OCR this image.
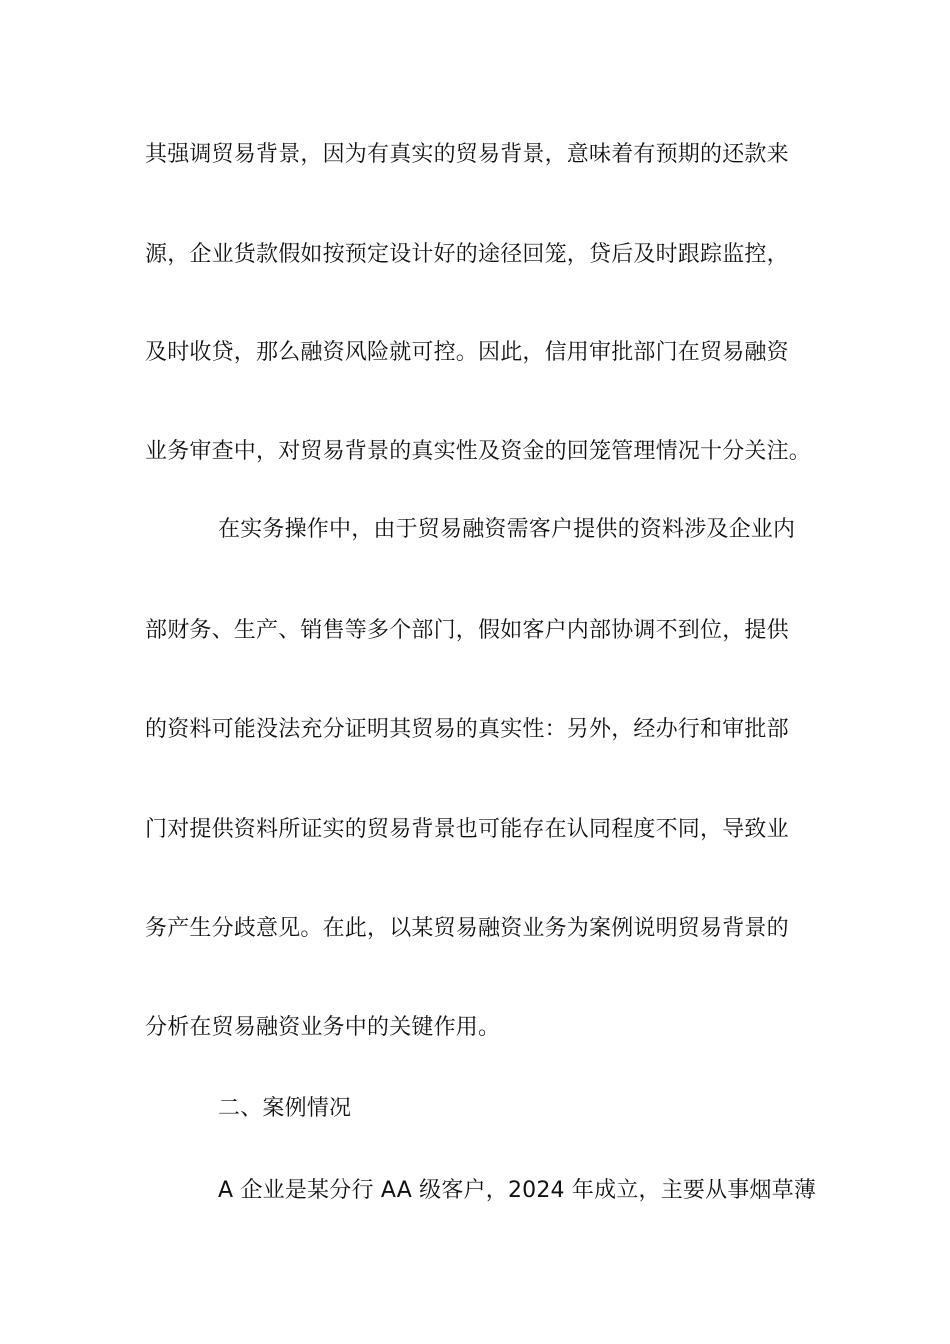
其强调贸易背景，因为有真实的贸易背景，意味着有预期的还款来
源，企业货款假如按预定设计好的途径回笼，贷后及时跟踪监控，
及时收贷，那么融资风险就可控。因此，信用审批部门在贸易融资
业务审查中，对贸易背景的真实性及资金的回笼管理情况十分关注。
在实务操作中，由于贸易融资需客户提供的资料涉及企业内
部财务、生产、销售等多个部门，假如客户内部协调不到位，提供
的资料可能没法充分证明其贸易的真实性：另外，经办行和审批部
门对提供资料所证实的贸易背景也可能存在认同程度不同，导致业
务产生分歧意见。在此，以某贸易融资业务为案例说明贸易背景的
分析在贸易融资业务中的关键作用。
二、案例情况
A 企业是某分行 AA 级客户，2024 年成立，主要从事烟草薄
